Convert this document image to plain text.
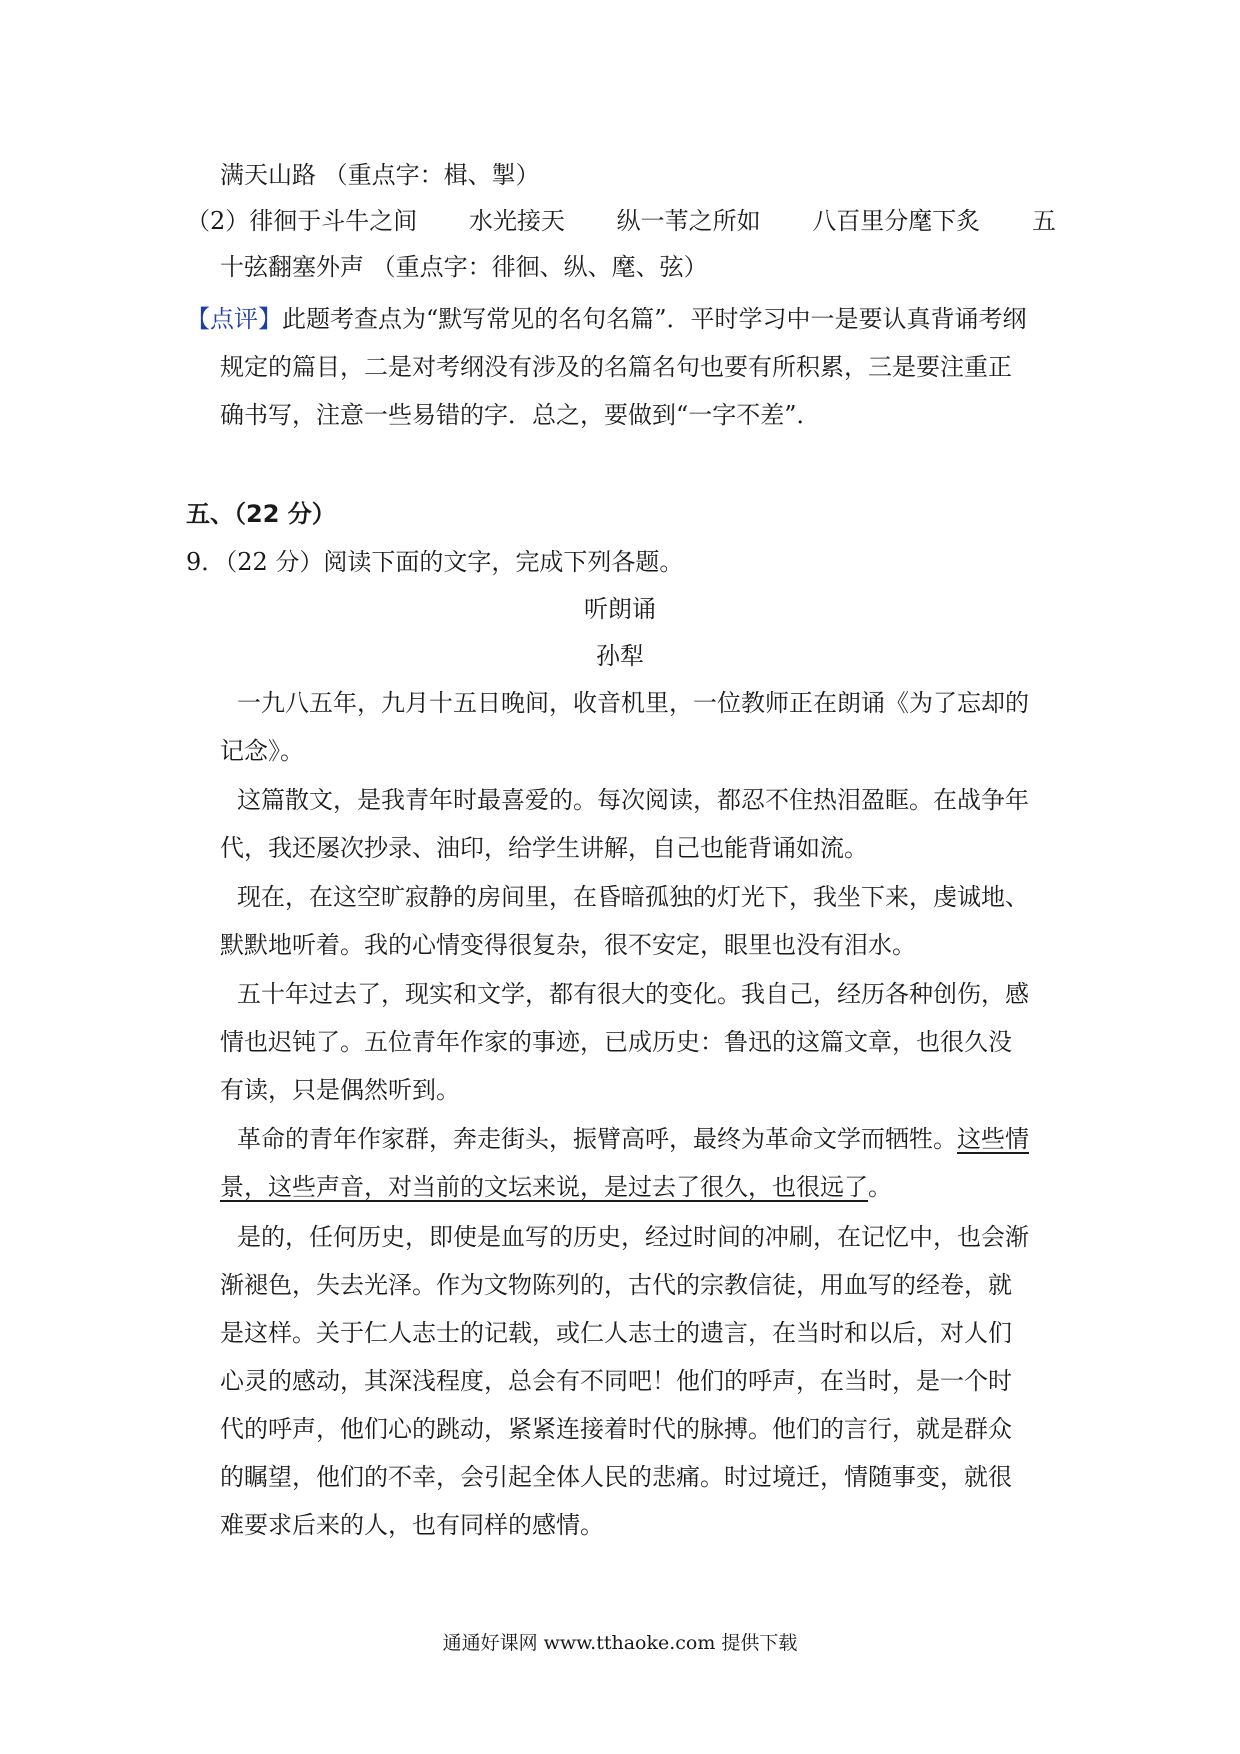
满天山路 （重点字：楫、掣）
（2）徘徊于斗牛之间 水光接天 纵一苇之所如 八百里分麾下炙 五
十弦翻塞外声 （重点字：徘徊、纵、麾、弦）
【点评】此题考查点为“默写常见的名句名篇”．平时学习中一是要认真背诵考纲
规定的篇目，二是对考纲没有涉及的名篇名句也要有所积累，三是要注重正
确书写，注意一些易错的字．总之，要做到“一字不差”．
五、（22 分）
9．（22 分）阅读下面的文字，完成下列各题。
听朗诵
孙犁
一九八五年，九月十五日晚间，收音机里，一位教师正在朗诵《为了忘却的
记念》。
这篇散文，是我青年时最喜爱的。每次阅读，都忍不住热泪盈眶。在战争年
代，我还屡次抄录、油印，给学生讲解，自己也能背诵如流。
现在，在这空旷寂静的房间里，在昏暗孤独的灯光下，我坐下来，虔诚地、
默默地听着。我的心情变得很复杂，很不安定，眼里也没有泪水。
五十年过去了，现实和文学，都有很大的变化。我自己，经历各种创伤，感
情也迟钝了。五位青年作家的事迹，已成历史：鲁迅的这篇文章，也很久没
有读，只是偶然听到。
革命的青年作家群，奔走街头，振臂高呼，最终为革命文学而牺牲。这些情
景，这些声音，对当前的文坛来说，是过去了很久，也很远了。
是的，任何历史，即使是血写的历史，经过时间的冲刷，在记忆中，也会渐
渐褪色，失去光泽。作为文物陈列的，古代的宗教信徒，用血写的经卷，就
是这样。关于仁人志士的记载，或仁人志士的遗言，在当时和以后，对人们
心灵的感动，其深浅程度，总会有不同吧！他们的呼声，在当时，是一个时
代的呼声，他们心的跳动，紧紧连接着时代的脉搏。他们的言行，就是群众
的瞩望，他们的不幸，会引起全体人民的悲痛。时过境迁，情随事变，就很
难要求后来的人，也有同样的感情。
通通好课网 www.tthaoke.com 提供下载
